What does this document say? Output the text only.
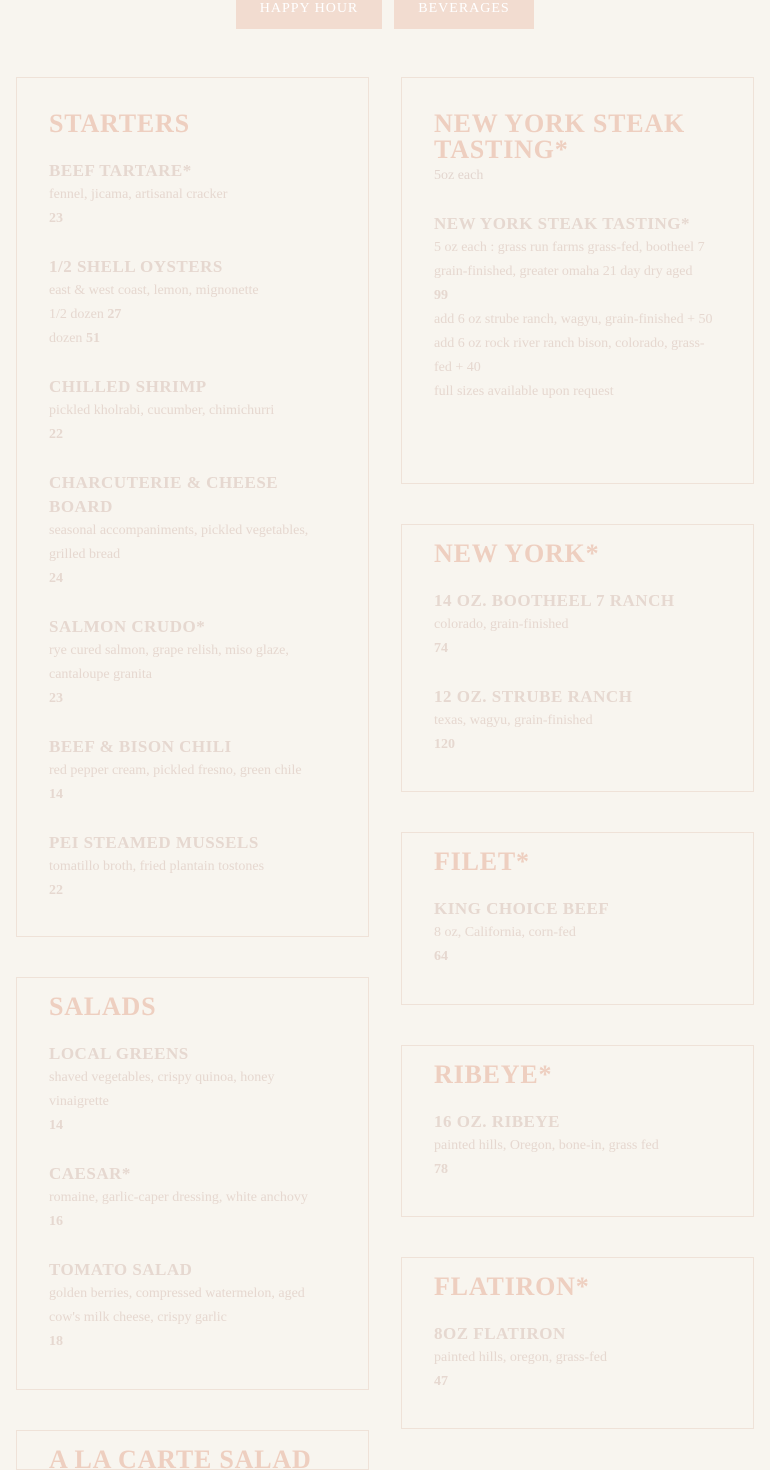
HAPPY HOUR	BEVERAGES
STARTERS
BEEF TARTARE*
fennel, jicama, artisanal cracker
23
1/2 SHELL OYSTERS
east & west coast, lemon, mignonette
1/2 dozen 27
dozen 51
CHILLED SHRIMP
pickled kholrabi, cucumber, chimichurri
22
CHARCUTERIE & CHEESE BOARD
seasonal accompaniments, pickled vegetables, grilled bread
24
SALMON CRUDO*
rye cured salmon, grape relish, miso glaze, cantaloupe granita
23
BEEF & BISON CHILI
red pepper cream, pickled fresno, green chile
14
PEI STEAMED MUSSELS
tomatillo broth, fried plantain tostones
22
SALADS
LOCAL GREENS
shaved vegetables, crispy quinoa, honey vinaigrette
14
CAESAR*
romaine, garlic-caper dressing, white anchovy
16
TOMATO SALAD
golden berries, compressed watermelon, aged cow's milk cheese, crispy garlic
18
A LA CARTE SALAD
NEW YORK STEAK TASTING*
5oz each
NEW YORK STEAK TASTING*
5 oz each : grass run farms grass-fed, bootheel 7 grain-finished, greater omaha 21 day dry aged
99
add 6 oz strube ranch, wagyu, grain-finished + 50
add 6 oz rock river ranch bison, colorado, grass-fed + 40
full sizes available upon request
NEW YORK*
14 OZ. BOOTHEEL 7 RANCH
colorado, grain-finished
74
12 OZ. STRUBE RANCH
texas, wagyu, grain-finished
120
FILET*
KING CHOICE BEEF
8 oz, California, corn-fed
64
RIBEYE*
16 OZ. RIBEYE
painted hills, Oregon, bone-in, grass fed
78
FLATIRON*
8OZ FLATIRON
painted hills, oregon, grass-fed
47
